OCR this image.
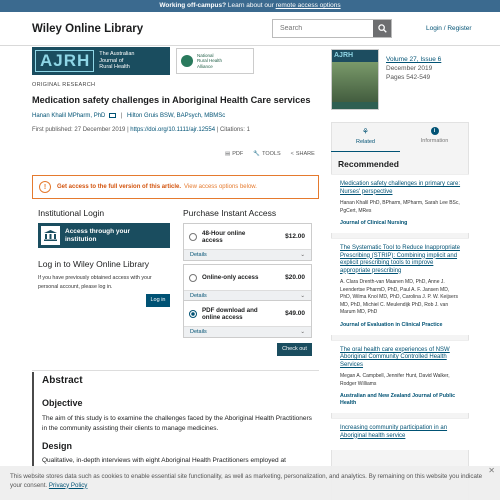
Working off-campus? Learn about our remote access options
Wiley Online Library
Search	Login / Register
AJRH	The Australian
Journal of
Rural Health
National
Rural Health
Alliance
AJRH
Volume 27, Issue 6
December 2019
Pages 542-549
ORIGINAL RESEARCH
Medication safety challenges in Aboriginal Health Care services
Hanan Khalil MPharm, PhD	| Hilton Gruis BSW, BAPsych, MBMSc
First published: 27 December 2019 | https://doi.org/10.1111/ajr.12554 | Citations: 1
▤ PDF 🔧 TOOLS < SHARE
!	Get access to the full version of this article. View access options below.
Institutional Login
Access through your institution
Log in to Wiley Online Library

If you have previously obtained access with your personal account, please log in.

Log in
Purchase Instant Access
48-Hour online access	$12.00
Details	⌄
Online-only access	$20.00
Details	⌄
PDF download and online access	$49.00
Details	⌄
Check out
Abstract
Objective

The aim of this study is to examine the challenges faced by the Aboriginal Health Practitioners in the community assisting their clients to manage medicines.

Design

Qualitative, in-depth interviews with eight Aboriginal Health Practitioners employed at

⚘
Related
i
Information
Recommended
Medication safety challenges in primary care: Nurses' perspective
Hanan Khalil PhD, BPharm, MPharm, Sarah Lee BSc, PgCert, MRes
Journal of Clinical Nursing
The Systematic Tool to Reduce Inappropriate Prescribing (STRIP): Combining implicit and explicit prescribing tools to improve appropriate prescribing
A. Clara Drenth-van Maanen MD, PhD, Anne J. Leendertse PharmD, PhD, Paul A. F. Jansen MD, PhD, Wilma Knol MD, PhD, Carolina J. P. W. Keijsers MD, PhD, Michiel C. Meulendijk PhD, Rob J. van Marum MD, PhD
Journal of Evaluation in Clinical Practice
The oral health care experiences of NSW Aboriginal Community Controlled Health Services
Megan A. Campbell, Jennifer Hunt, David Walker, Rodger Williams
Australian and New Zealand Journal of Public Health
Increasing community participation in an Aboriginal health service
✕
This website stores data such as cookies to enable essential site functionality, as well as marketing, personalization, and analytics. By remaining on this website you indicate your consent. Privacy Policy
